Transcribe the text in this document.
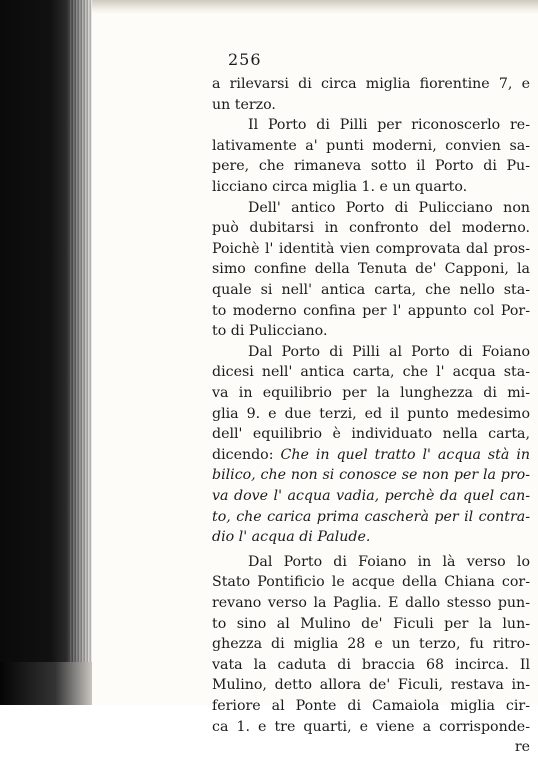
256
a rilevarsi di circa miglia fiorentine 7, e
un terzo.
Il Porto di Pilli per riconoscerlo re-
lativamente a' punti moderni, convien sa-
pere, che rimaneva sotto il Porto di Pu-
licciano circa miglia 1. e un quarto.
Dell' antico Porto di Pulicciano non
può dubitarsi in confronto del moderno.
Poichè l' identità vien comprovata dal pros-
simo confine della Tenuta de' Capponi, la
quale si nell' antica carta, che nello sta-
to moderno confina per l' appunto col Por-
to di Pulicciano.
Dal Porto di Pilli al Porto di Foiano
dicesi nell' antica carta, che l' acqua sta-
va in equilibrio per la lunghezza di mi-
glia 9. e due terzi, ed il punto medesimo
dell' equilibrio è individuato nella carta,
dicendo: Che in quel tratto l' acqua stà in
bilico, che non si conosce se non per la pro-
va dove l' acqua vadia, perchè da quel can-
to, che carica prima cascherà per il contra-
dio l' acqua di Palude.
Dal Porto di Foiano in là verso lo
Stato Pontificio le acque della Chiana cor-
revano verso la Paglia. E dallo stesso pun-
to sino al Mulino de' Ficuli per la lun-
ghezza di miglia 28 e un terzo, fu ritro-
vata la caduta di braccia 68 incirca. Il
Mulino, detto allora de' Ficuli, restava in-
feriore al Ponte di Camaiola miglia cir-
ca 1. e tre quarti, e viene a corrisponde-
re
